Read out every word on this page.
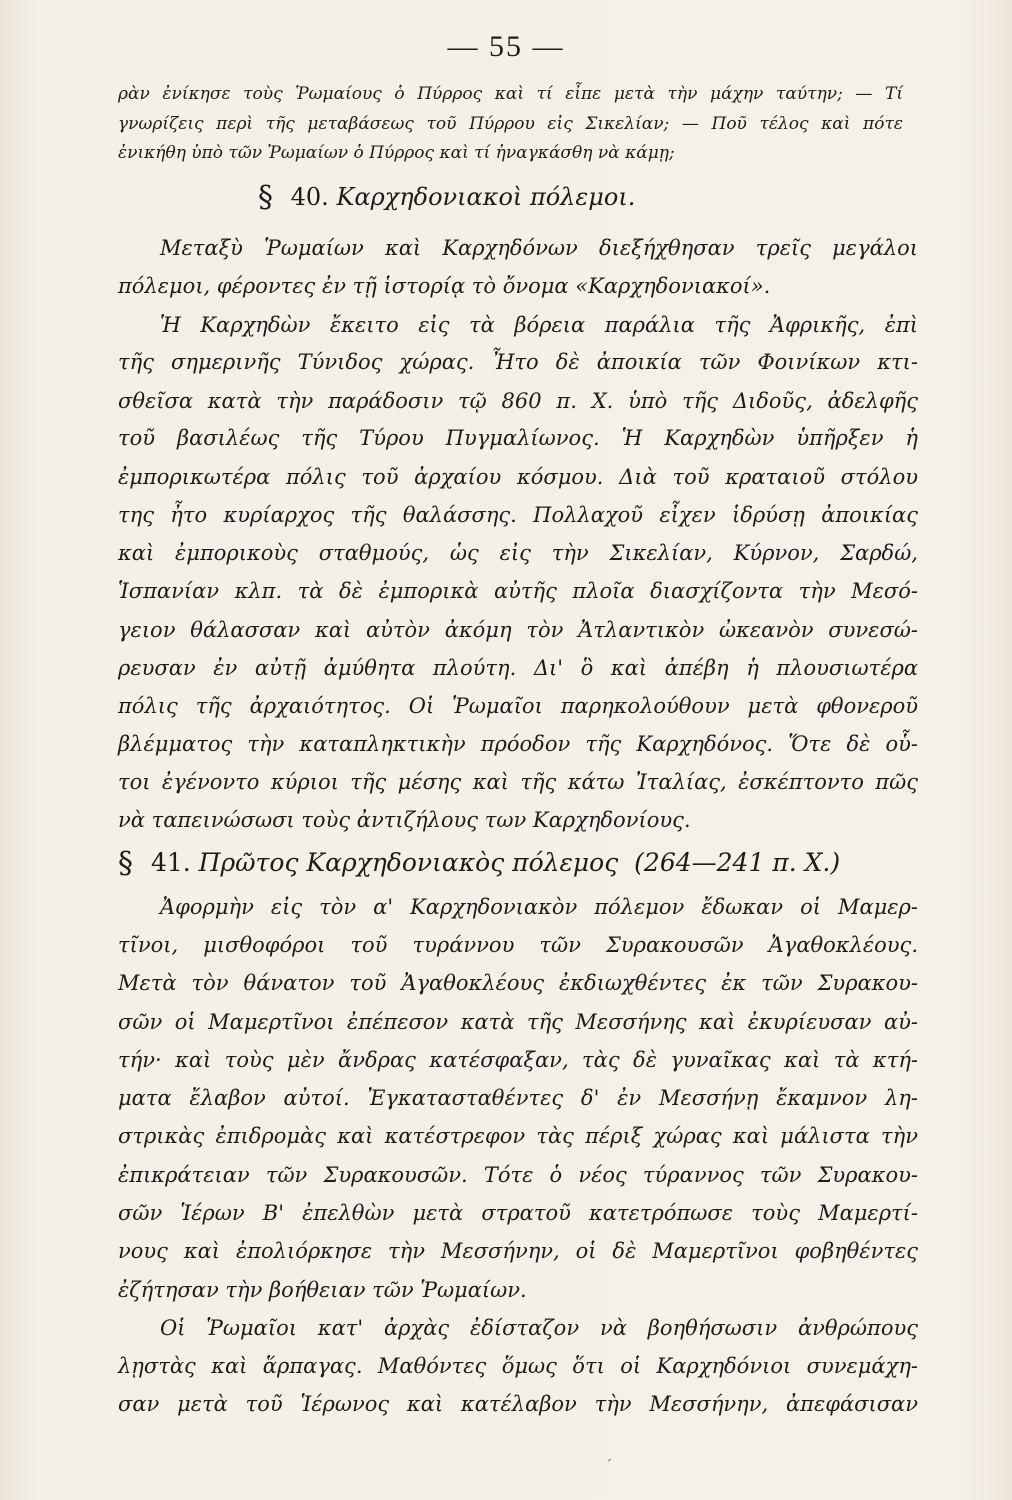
— 55 —
ρὰν ἐνίκησε τοὺς Ῥωμαίους ὁ Πύρρος καὶ τί εἶπε μετὰ τὴν μάχην ταύτην; — Τί
γνωρίζεις περὶ τῆς μεταβάσεως τοῦ Πύρρου εἰς Σικελίαν; — Ποῦ τέλος καὶ πότε
ἐνικήθη ὑπὸ τῶν Ῥωμαίων ὁ Πύρρος καὶ τί ἠναγκάσθη νὰ κάμῃ;
§ 40. Καρχηδονιακοὶ πόλεμοι.
Μεταξὺ Ῥωμαίων καὶ Καρχηδόνων διεξήχθησαν τρεῖς μεγάλοι
πόλεμοι, φέροντες ἐν τῇ ἱστορίᾳ τὸ ὄνομα «Καρχηδονιακοί».
Ἡ Καρχηδὼν ἔκειτο εἰς τὰ βόρεια παράλια τῆς Ἀφρικῆς, ἐπὶ
τῆς σημερινῆς Τύνιδος χώρας. Ἦτο δὲ ἀποικία τῶν Φοινίκων κτι-
σθεῖσα κατὰ τὴν παράδοσιν τῷ 860 π. Χ. ὑπὸ τῆς Διδοῦς, ἀδελφῆς
τοῦ βασιλέως τῆς Τύρου Πυγμαλίωνος. Ἡ Καρχηδὼν ὑπῆρξεν ἡ
ἐμπορικωτέρα πόλις τοῦ ἀρχαίου κόσμου. Διὰ τοῦ κραταιοῦ στόλου
της ἦτο κυρίαρχος τῆς θαλάσσης. Πολλαχοῦ εἶχεν ἱδρύσῃ ἀποικίας
καὶ ἐμπορικοὺς σταθμούς, ὡς εἰς τὴν Σικελίαν, Κύρνον, Σαρδώ,
Ἱσπανίαν κλπ. τὰ δὲ ἐμπορικὰ αὐτῆς πλοῖα διασχίζοντα τὴν Μεσό-
γειον θάλασσαν καὶ αὐτὸν ἀκόμη τὸν Ἀτλαντικὸν ὠκεανὸν συνεσώ-
ρευσαν ἐν αὐτῇ ἀμύθητα πλούτη. Δι' ὃ καὶ ἀπέβη ἡ πλουσιωτέρα
πόλις τῆς ἀρχαιότητος. Οἱ Ῥωμαῖοι παρηκολούθουν μετὰ φθονεροῦ
βλέμματος τὴν καταπληκτικὴν πρόοδον τῆς Καρχηδόνος. Ὅτε δὲ οὗ-
τοι ἐγένοντο κύριοι τῆς μέσης καὶ τῆς κάτω Ἰταλίας, ἐσκέπτοντο πῶς
νὰ ταπεινώσωσι τοὺς ἀντιζήλους των Καρχηδονίους.
§ 41. Πρῶτος Καρχηδονιακὸς πόλεμος (264—241 π. Χ.)
Ἀφορμὴν εἰς τὸν α' Καρχηδονιακὸν πόλεμον ἔδωκαν οἱ Μαμερ-
τῖνοι, μισθοφόροι τοῦ τυράννου τῶν Συρακουσῶν Ἀγαθοκλέους.
Μετὰ τὸν θάνατον τοῦ Ἀγαθοκλέους ἐκδιωχθέντες ἐκ τῶν Συρακου-
σῶν οἱ Μαμερτῖνοι ἐπέπεσον κατὰ τῆς Μεσσήνης καὶ ἐκυρίευσαν αὐ-
τήν· καὶ τοὺς μὲν ἄνδρας κατέσφαξαν, τὰς δὲ γυναῖκας καὶ τὰ κτή-
ματα ἔλαβον αὐτοί. Ἐγκατασταθέντες δ' ἐν Μεσσήνῃ ἔκαμνον λη-
στρικὰς ἐπιδρομὰς καὶ κατέστρεφον τὰς πέριξ χώρας καὶ μάλιστα τὴν
ἐπικράτειαν τῶν Συρακουσῶν. Τότε ὁ νέος τύραννος τῶν Συρακου-
σῶν Ἱέρων Β' ἐπελθὼν μετὰ στρατοῦ κατετρόπωσε τοὺς Μαμερτί-
νους καὶ ἐπολιόρκησε τὴν Μεσσήνην, οἱ δὲ Μαμερτῖνοι φοβηθέντες
ἐζήτησαν τὴν βοήθειαν τῶν Ῥωμαίων.
Οἱ Ῥωμαῖοι κατ' ἀρχὰς ἐδίσταζον νὰ βοηθήσωσιν ἀνθρώπους
λῃστὰς καὶ ἅρπαγας. Μαθόντες ὅμως ὅτι οἱ Καρχηδόνιοι συνεμάχη-
σαν μετὰ τοῦ Ἱέρωνος καὶ κατέλαβον τὴν Μεσσήνην, ἀπεφάσισαν
ˊ
